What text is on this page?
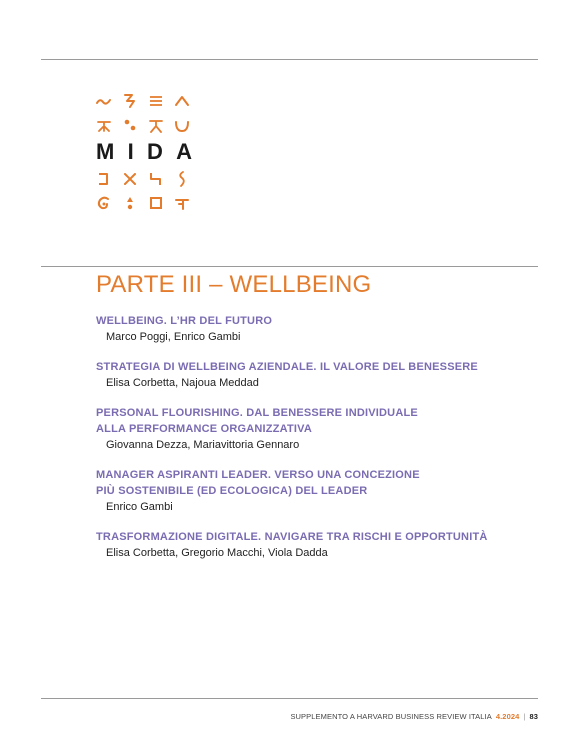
M I D A
PARTE III – WELLBEING
WELLBEING. L’HR DEL FUTURO
Marco Poggi, Enrico Gambi
STRATEGIA DI WELLBEING AZIENDALE. IL VALORE DEL BENESSERE
Elisa Corbetta, Najoua Meddad
PERSONAL FLOURISHING. DAL BENESSERE INDIVIDUALE
ALLA PERFORMANCE ORGANIZZATIVA
Giovanna Dezza, Mariavittoria Gennaro
MANAGER ASPIRANTI LEADER. VERSO UNA CONCEZIONE
PIÙ SOSTENIBILE (ED ECOLOGICA) DEL LEADER
Enrico Gambi
TRASFORMAZIONE DIGITALE. NAVIGARE TRA RISCHI E OPPORTUNITÀ
Elisa Corbetta, Gregorio Macchi, Viola Dadda
SUPPLEMENTO A HARVARD BUSINESS REVIEW ITALIA 4.2024 | 83
